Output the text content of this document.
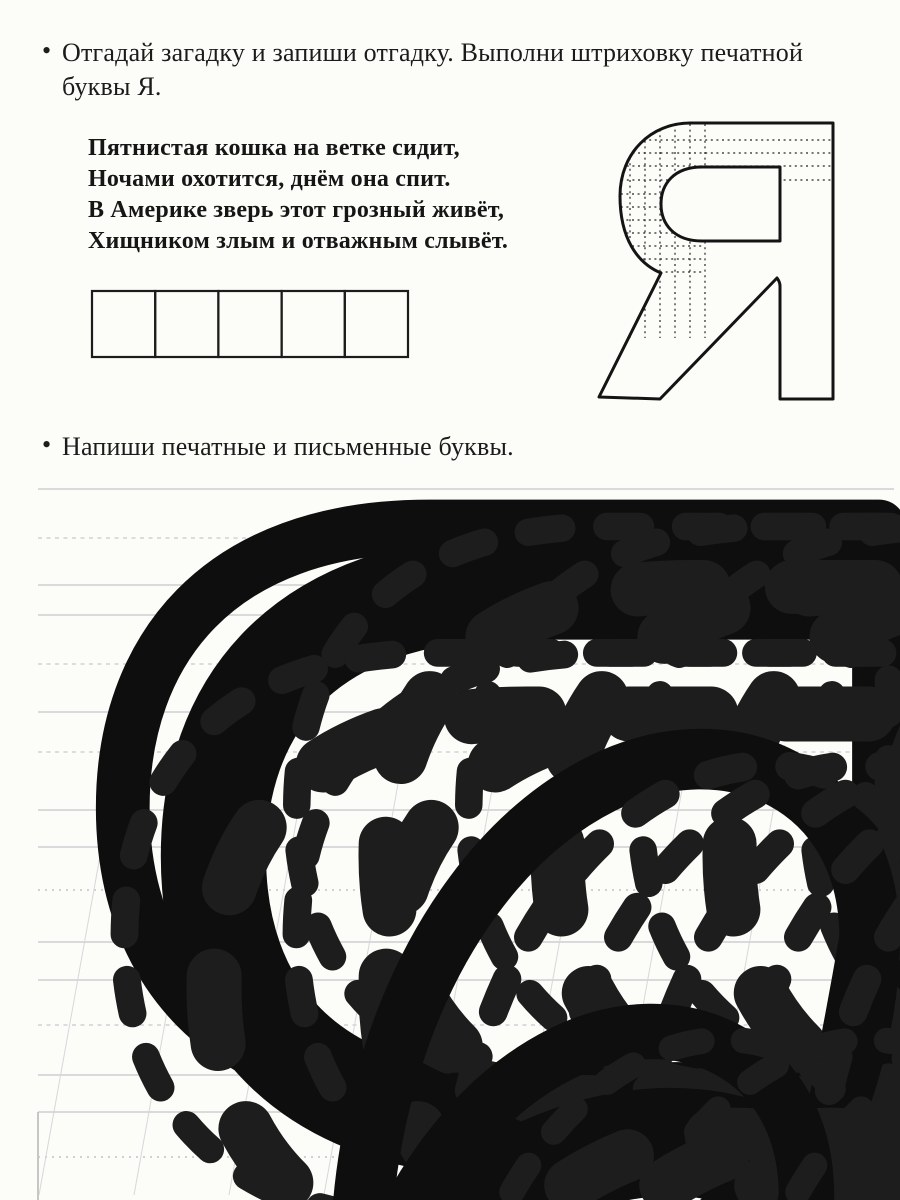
• Отгадай загадку и запиши отгадку. Выполни штриховку печатной
буквы Я.
Пятнистая кошка на ветке сидит,
Ночами охотится, днём она спит.
В Америке зверь этот грозный живёт,
Хищником злым и отважным слывёт.
• Напиши печатные и письменные буквы.
